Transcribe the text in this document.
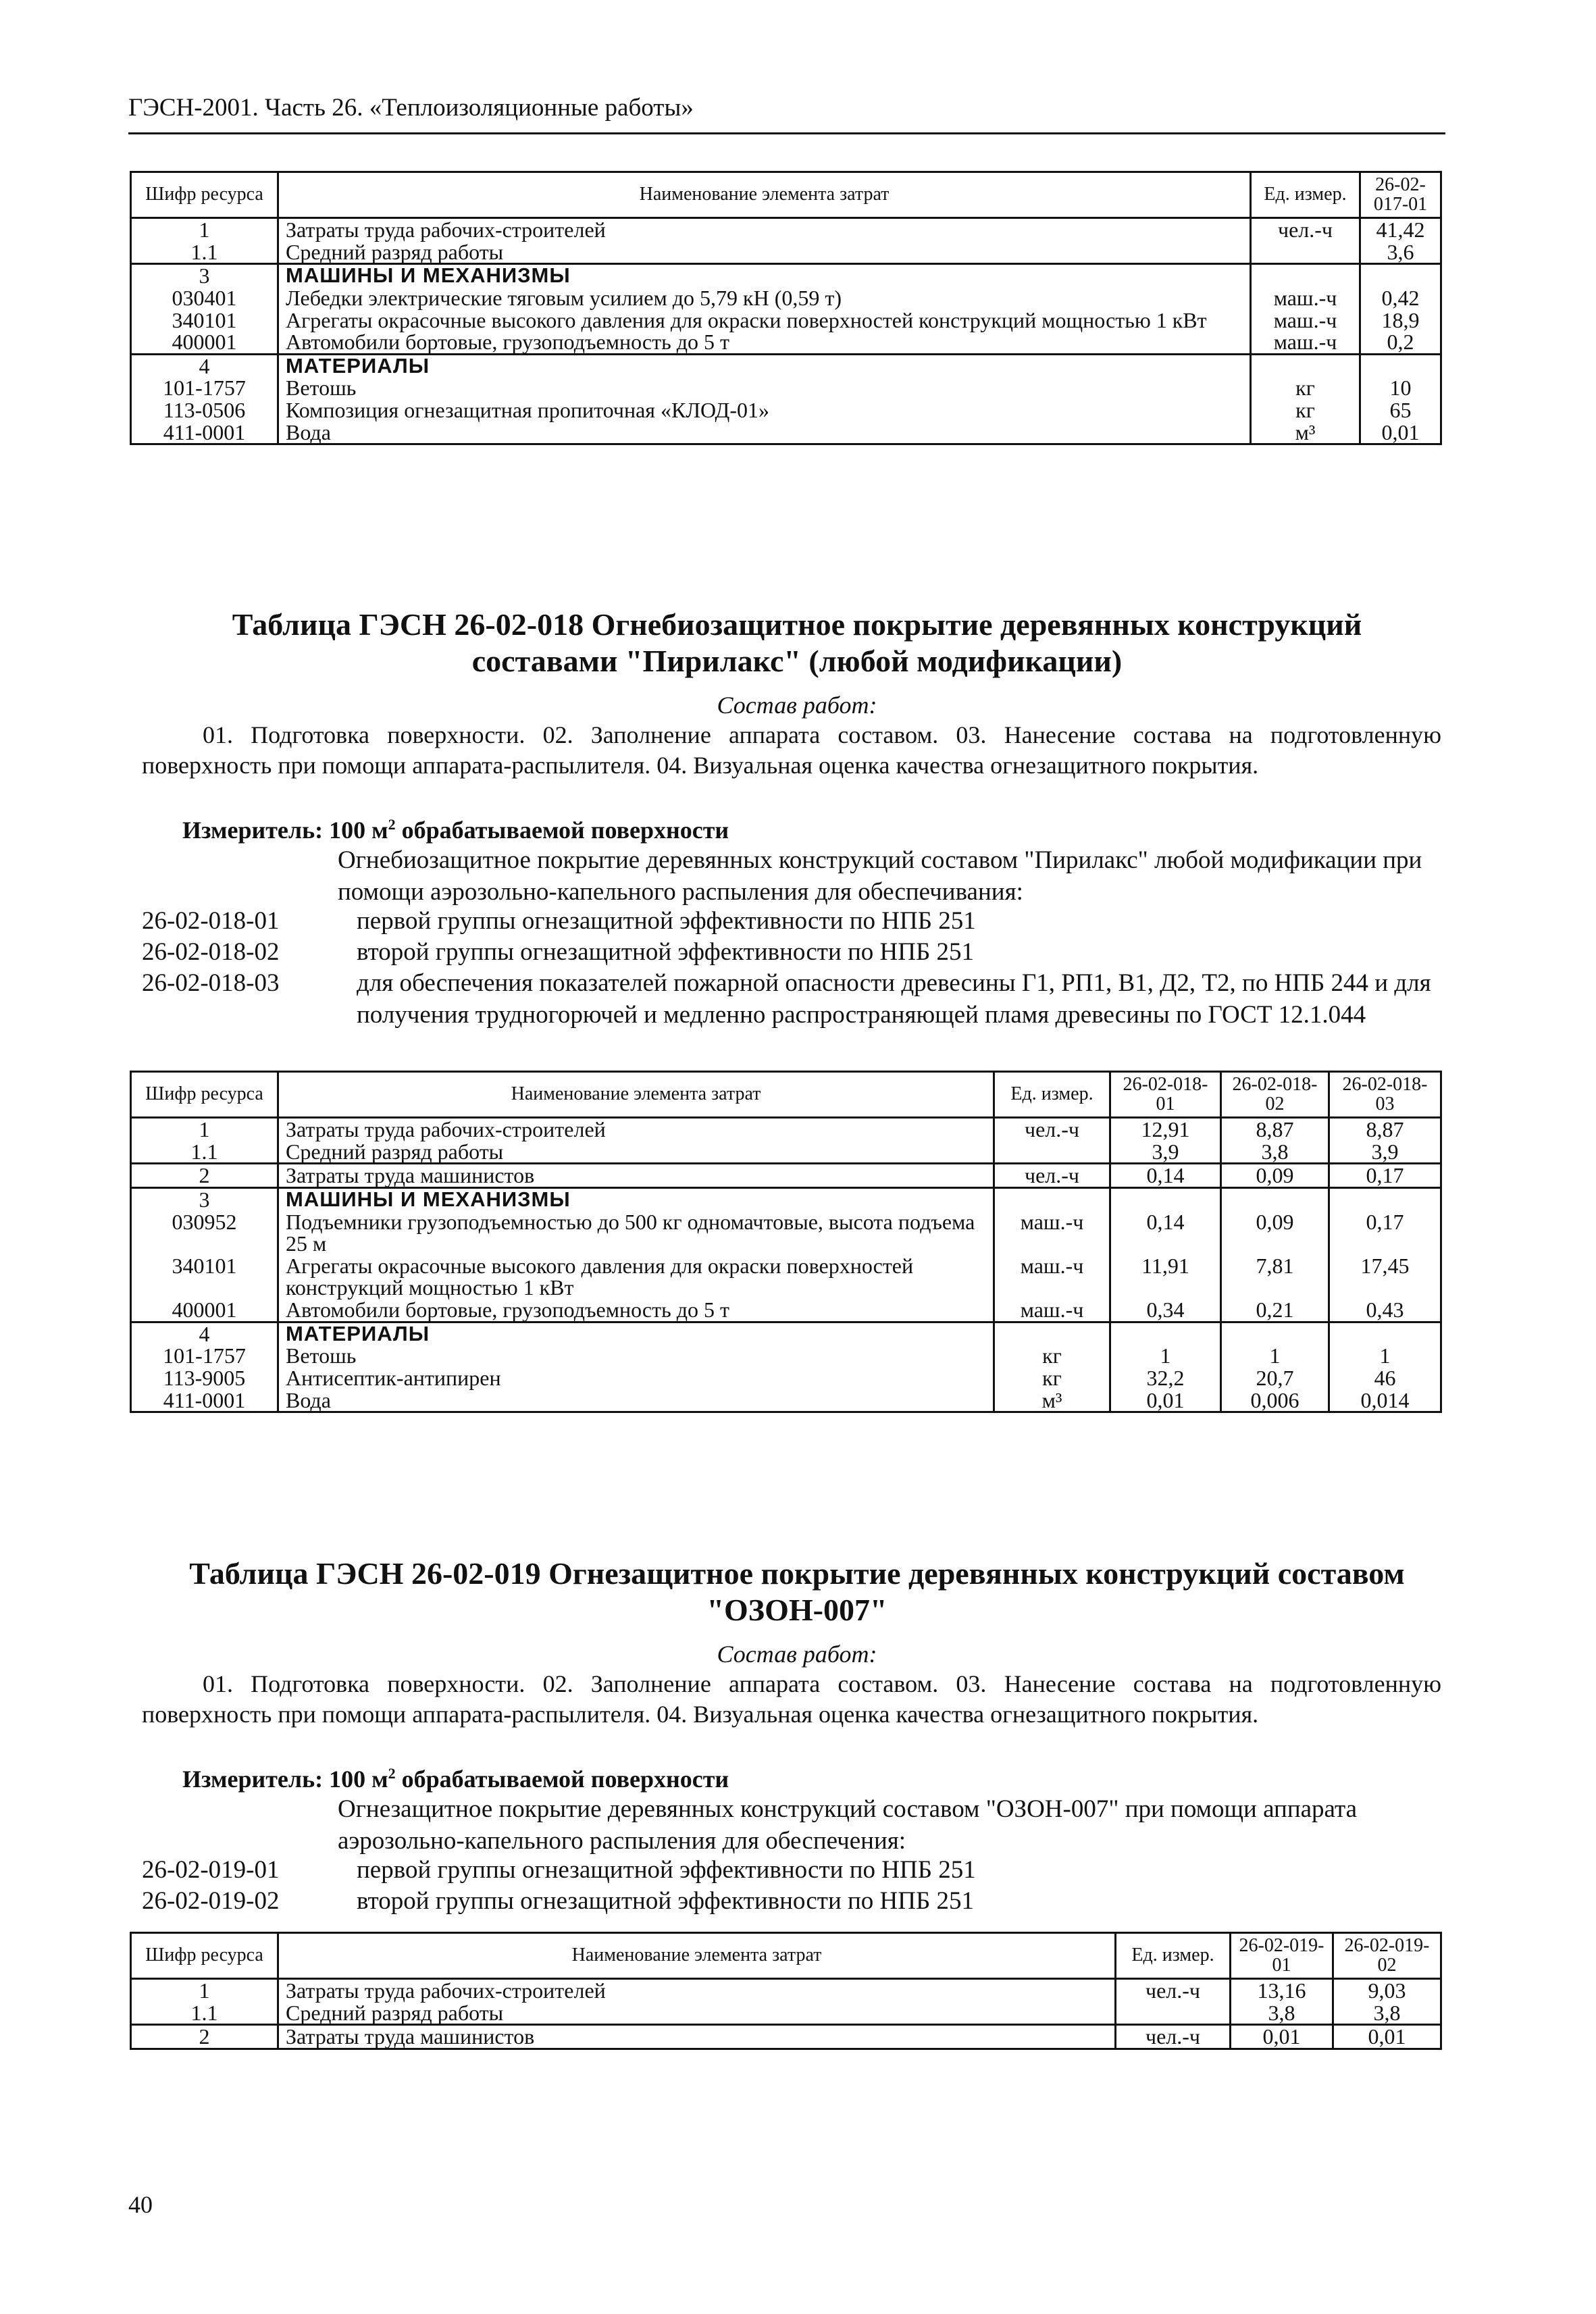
ГЭСН-2001. Часть 26. «Теплоизоляционные работы»
Шифр ресурса	Наименование элемента затрат	Ед. измер.	26-02-017-01
1	Затраты труда рабочих-строителей	чел.-ч	41,42
1.1	Средний разряд работы		3,6
3	МАШИНЫ И МЕХАНИЗМЫ		
030401	Лебедки электрические тяговым усилием до 5,79 кН (0,59 т)	маш.-ч	0,42
340101	Агрегаты окрасочные высокого давления для окраски поверхностей конструкций мощностью 1 кВт	маш.-ч	18,9
400001	Автомобили бортовые, грузоподъемность до 5 т	маш.-ч	0,2
4	МАТЕРИАЛЫ		
101-1757	Ветошь	кг	10
113-0506	Композиция огнезащитная пропиточная «КЛОД-01»	кг	65
411-0001	Вода	м³	0,01
Таблица ГЭСН 26-02-018 Огнебиозащитное покрытие деревянных конструкций
составами "Пирилакс" (любой модификации)
Состав работ:
01. Подготовка поверхности. 02. Заполнение аппарата составом. 03. Нанесение состава на подготовленную поверхность при помощи аппарата-распылителя. 04. Визуальная оценка качества огнезащитного покрытия.
Измеритель: 100 $м^2$ обрабатываемой поверхности
Огнебиозащитное покрытие деревянных конструкций составом "Пирилакс" любой модификации при помощи аэрозольно-капельного распыления для обеспечивания:
26-02-018-01	первой группы огнезащитной эффективности по НПБ 251
26-02-018-02	второй группы огнезащитной эффективности по НПБ 251
26-02-018-03	для обеспечения показателей пожарной опасности древесины Г1, РП1, В1, Д2, Т2, по НПБ 244 и для получения трудногорючей и медленно распространяющей пламя древесины по ГОСТ 12.1.044
Шифр ресурса	Наименование элемента затрат	Ед. измер.	26-02-018-01	26-02-018-02	26-02-018-03
1	Затраты труда рабочих-строителей	чел.-ч	12,91	8,87	8,87
1.1	Средний разряд работы		3,9	3,8	3,9
2	Затраты труда машинистов	чел.-ч	0,14	0,09	0,17
3	МАШИНЫ И МЕХАНИЗМЫ				
030952	Подъемники грузоподъемностью до 500 кг одномачтовые, высота подъема 25 м	маш.-ч	0,14	0,09	0,17
340101	Агрегаты окрасочные высокого давления для окраски поверхностей конструкций мощностью 1 кВт	маш.-ч	11,91	7,81	17,45
400001	Автомобили бортовые, грузоподъемность до 5 т	маш.-ч	0,34	0,21	0,43
4	МАТЕРИАЛЫ				
101-1757	Ветошь	кг	1	1	1
113-9005	Антисептик-антипирен	кг	32,2	20,7	46
411-0001	Вода	м³	0,01	0,006	0,014
Таблица ГЭСН 26-02-019 Огнезащитное покрытие деревянных конструкций составом
"ОЗОН-007"
Состав работ:
01. Подготовка поверхности. 02. Заполнение аппарата составом. 03. Нанесение состава на подготовленную поверхность при помощи аппарата-распылителя. 04. Визуальная оценка качества огнезащитного покрытия.
Измеритель: 100 $м^2$ обрабатываемой поверхности
Огнезащитное покрытие деревянных конструкций составом "ОЗОН-007" при помощи аппарата аэрозольно-капельного распыления для обеспечения:
26-02-019-01	первой группы огнезащитной эффективности по НПБ 251
26-02-019-02	второй группы огнезащитной эффективности по НПБ 251
Шифр ресурса	Наименование элемента затрат	Ед. измер.	26-02-019-01	26-02-019-02
1	Затраты труда рабочих-строителей	чел.-ч	13,16	9,03
1.1	Средний разряд работы		3,8	3,8
2	Затраты труда машинистов	чел.-ч	0,01	0,01
40
